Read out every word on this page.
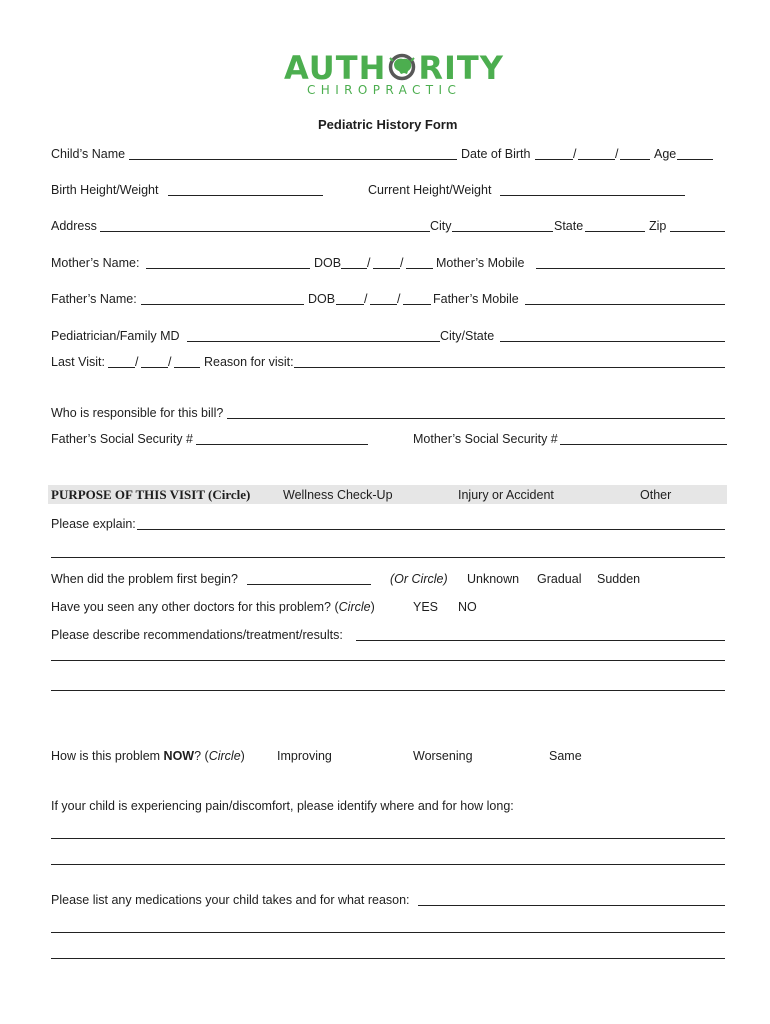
AUTH RITY
CHIROPRACTIC
Pediatric History Form
Child’s Name	Date of Birth	/	/	Age
Birth Height/Weight	Current Height/Weight
Address	City	State	Zip
Mother’s Name:	DOB / /	Mother’s Mobile
Father’s Name:	DOB / /	Father’s Mobile
Pediatrician/Family MD	City/State
Last Visit: / /	Reason for visit:
Who is responsible for this bill?
Father’s Social Security #	Mother’s Social Security #
PURPOSE OF THIS VISIT (Circle)	Wellness Check-Up	Injury or Accident	Other
Please explain:
When did the problem first begin?	(Or Circle) Unknown Gradual Sudden
Have you seen any other doctors for this problem? (Circle)	YES NO
Please describe recommendations/treatment/results:
How is this problem NOW? (Circle)	Improving	Worsening	Same
If your child is experiencing pain/discomfort, please identify where and for how long:
Please list any medications your child takes and for what reason:
